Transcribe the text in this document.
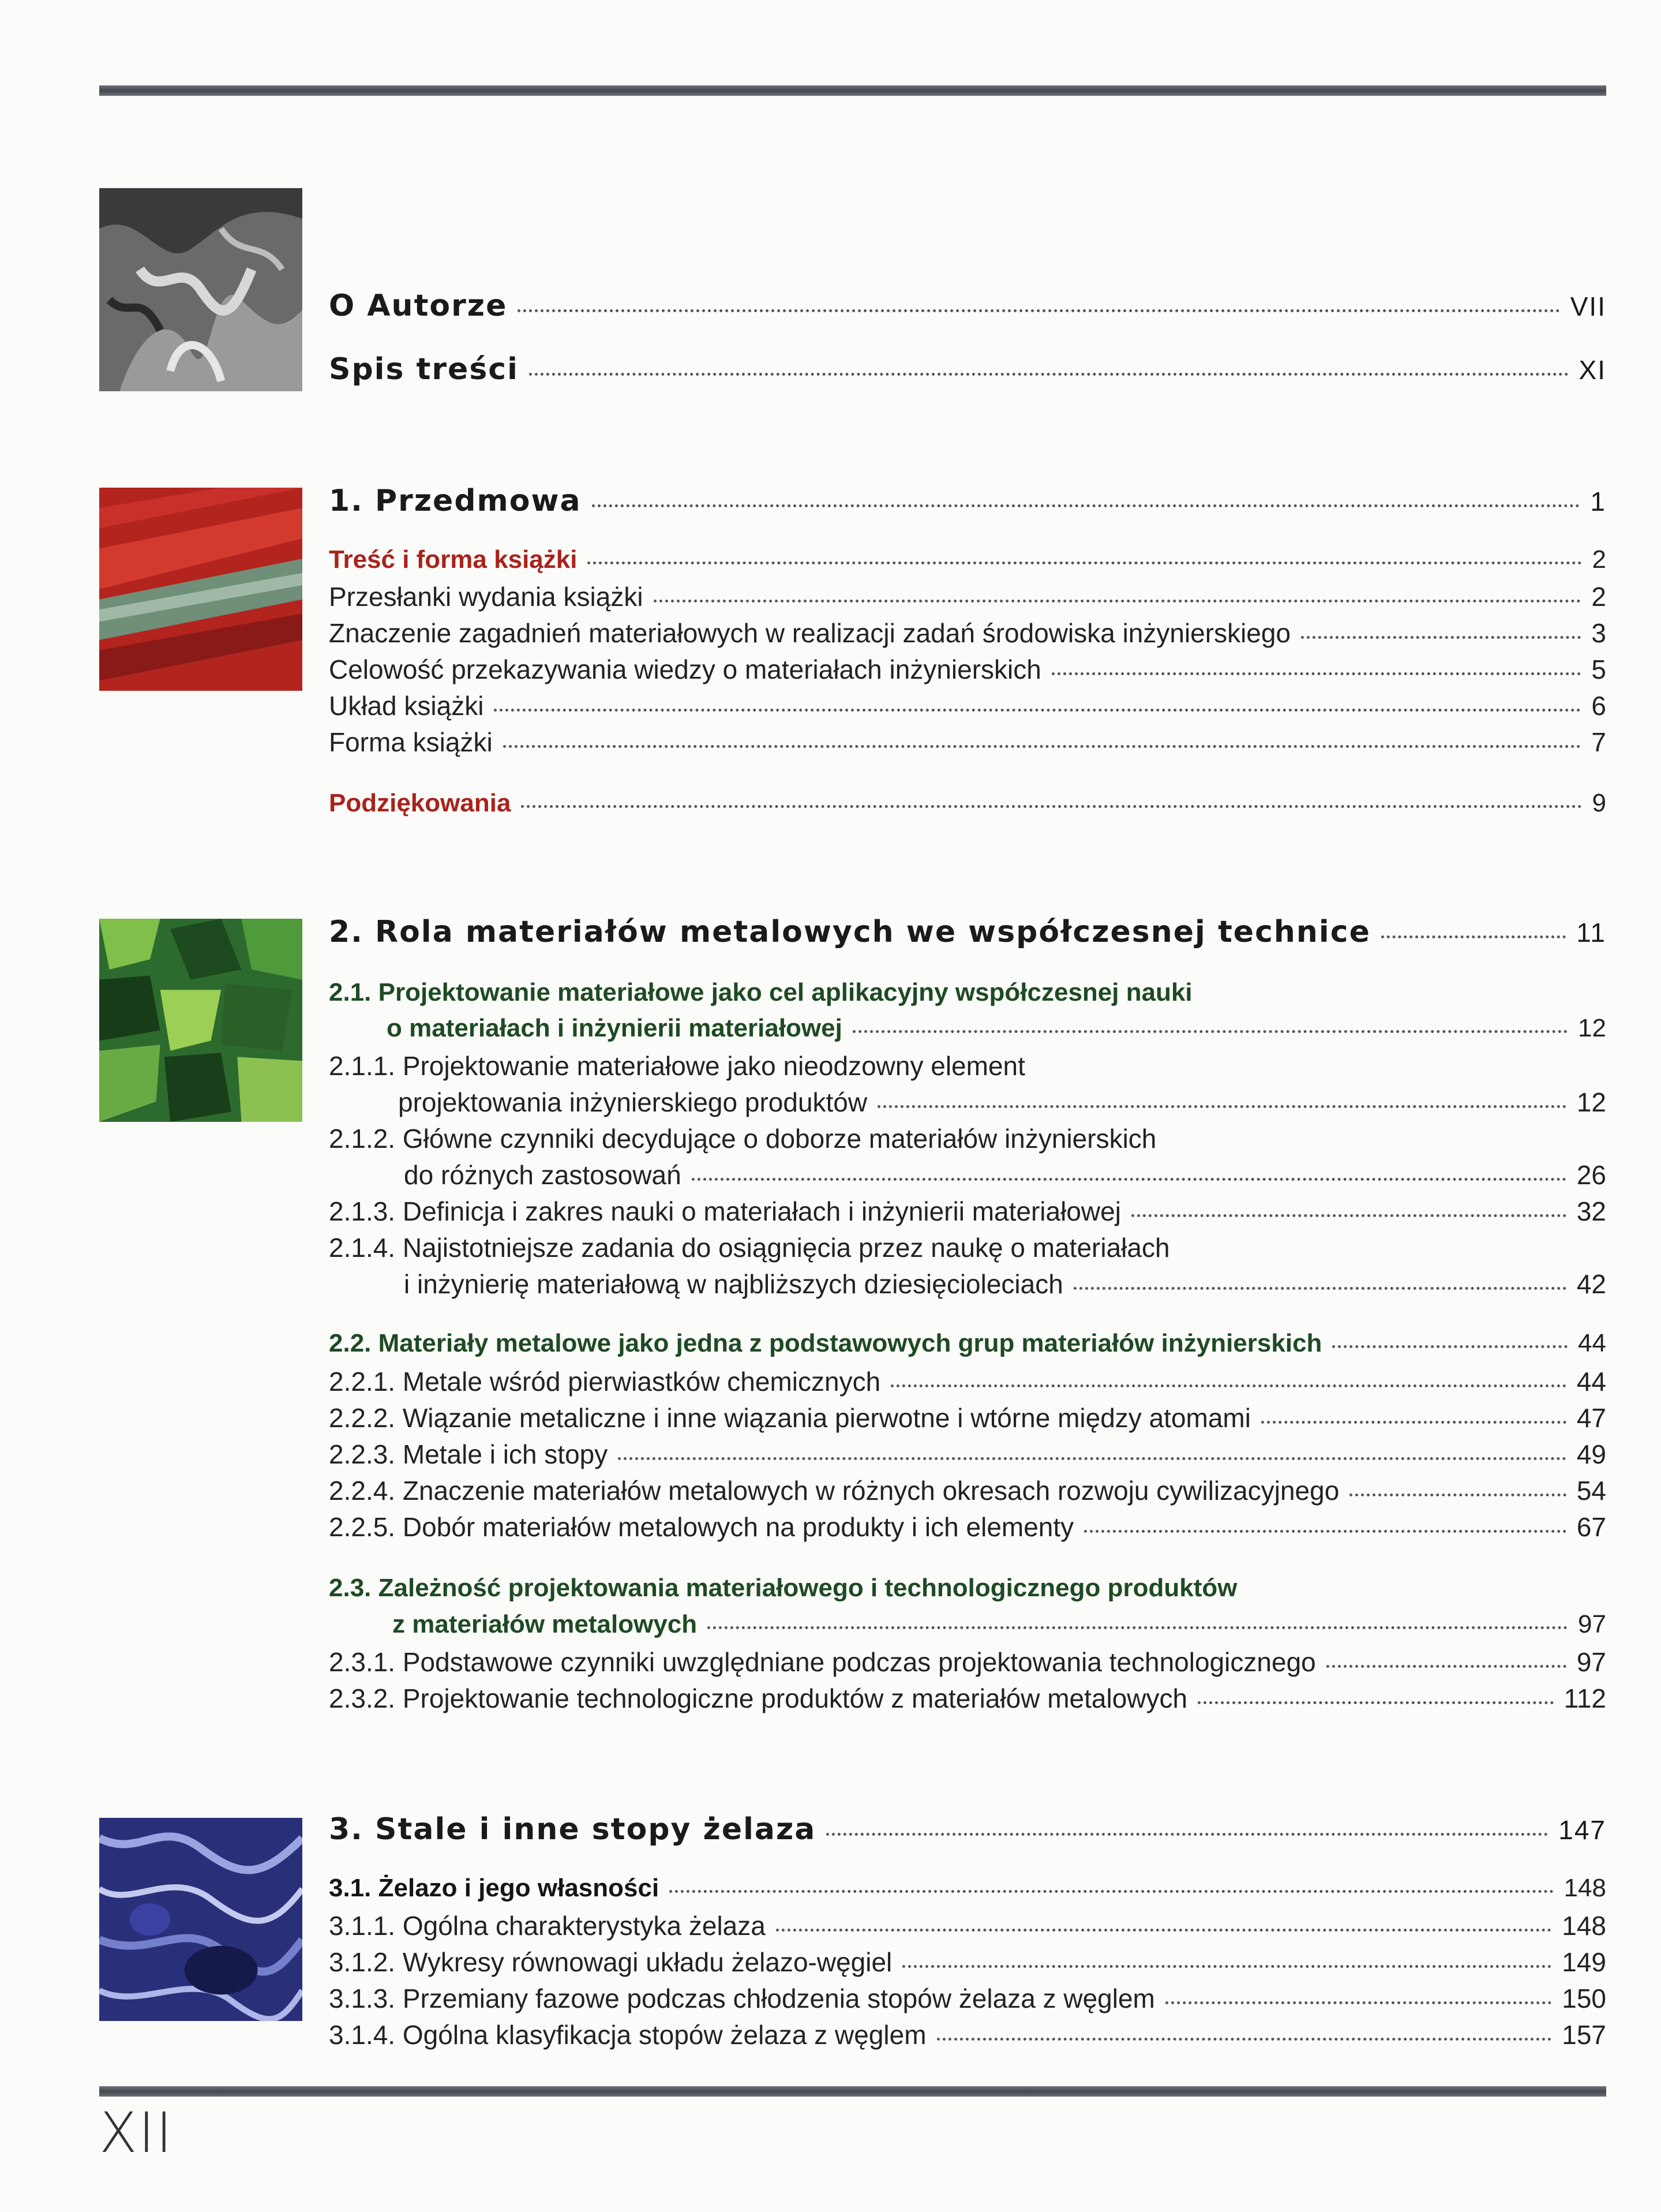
O Autorze	VII
Spis treści	XI
1. Przedmowa	1
Treść i forma książki	2
Przesłanki wydania książki	2
Znaczenie zagadnień materiałowych w realizacji zadań środowiska inżynierskiego	3
Celowość przekazywania wiedzy o materiałach inżynierskich	5
Układ książki	6
Forma książki	7
Podziękowania	9
2. Rola materiałów metalowych we współczesnej technice	11
2.1. Projektowanie materiałowe jako cel aplikacyjny współczesnej nauki
o materiałach i inżynierii materiałowej	12
2.1.1. Projektowanie materiałowe jako nieodzowny element
projektowania inżynierskiego produktów	12
2.1.2. Główne czynniki decydujące o doborze materiałów inżynierskich
do różnych zastosowań	26
2.1.3. Definicja i zakres nauki o materiałach i inżynierii materiałowej	32
2.1.4. Najistotniejsze zadania do osiągnięcia przez naukę o materiałach
i inżynierię materiałową w najbliższych dziesięcioleciach	42
2.2. Materiały metalowe jako jedna z podstawowych grup materiałów inżynierskich	44
2.2.1. Metale wśród pierwiastków chemicznych	44
2.2.2. Wiązanie metaliczne i inne wiązania pierwotne i wtórne między atomami	47
2.2.3. Metale i ich stopy	49
2.2.4. Znaczenie materiałów metalowych w różnych okresach rozwoju cywilizacyjnego	54
2.2.5. Dobór materiałów metalowych na produkty i ich elementy	67
2.3. Zależność projektowania materiałowego i technologicznego produktów
z materiałów metalowych	97
2.3.1. Podstawowe czynniki uwzględniane podczas projektowania technologicznego	97
2.3.2. Projektowanie technologiczne produktów z materiałów metalowych	112
3. Stale i inne stopy żelaza	147
3.1. Żelazo i jego własności	148
3.1.1. Ogólna charakterystyka żelaza	148
3.1.2. Wykresy równowagi układu żelazo-węgiel	149
3.1.3. Przemiany fazowe podczas chłodzenia stopów żelaza z węglem	150
3.1.4. Ogólna klasyfikacja stopów żelaza z węglem	157
XII
